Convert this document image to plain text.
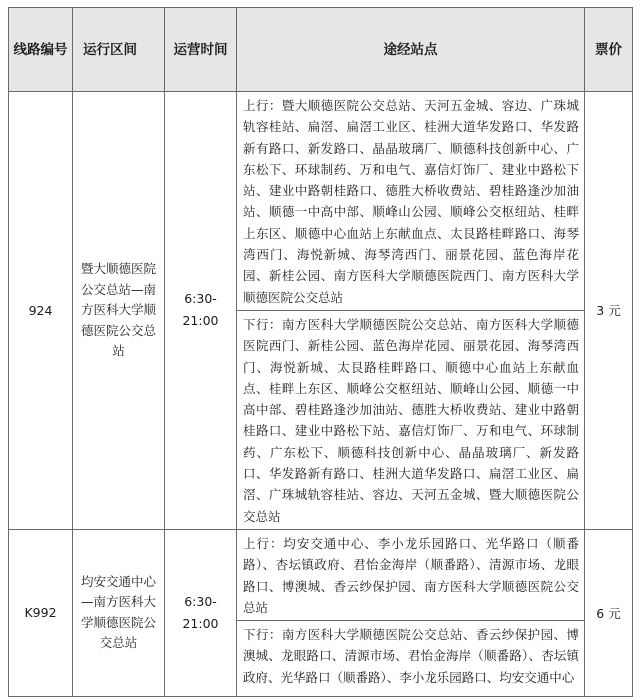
线路编号	运行区间	运营时间	途经站点	票价
924	暨大顺德医院公交总站—南方医科大学顺德医院公交总站	6:30-21:00	上行：暨大顺德医院公交总站、天河五金城、容边、广珠城轨容桂站、扁滘、扁滘工业区、桂洲大道华发路口、华发路新有路口、新发路口、晶晶玻璃厂、顺德科技创新中心、广东松下、环球制药、万和电气、嘉信灯饰厂、建业中路松下站、建业中路朝桂路口、德胜大桥收费站、碧桂路逢沙加油站、顺德一中高中部、顺峰山公园、顺峰公交枢纽站、桂畔上东区、顺德中心血站上东献血点、太艮路桂畔路口、海琴湾西门、海悦新城、海琴湾西门、丽景花园、蓝色海岸花园、新桂公园、南方医科大学顺德医院西门、南方医科大学顺德医院公交总站
下行：南方医科大学顺德医院公交总站、南方医科大学顺德医院西门、新桂公园、蓝色海岸花园、丽景花园、海琴湾西门、海悦新城、太艮路桂畔路口、顺德中心血站上东献血点、桂畔上东区、顺峰公交枢纽站、顺峰山公园、顺德一中高中部、碧桂路逢沙加油站、德胜大桥收费站、建业中路朝桂路口、建业中路松下站、嘉信灯饰厂、万和电气、环球制药、广东松下、顺德科技创新中心、晶晶玻璃厂、新发路口、华发路新有路口、桂洲大道华发路口、扁滘工业区、扁滘、广珠城轨容桂站、容边、天河五金城、暨大顺德医院公交总站	3 元
K992	均安交通中心—南方医科大学顺德医院公交总站	6:30-21:00	上行：均安交通中心、李小龙乐园路口、光华路口（顺番路）、杏坛镇政府、君怡金海岸（顺番路）、清源市场、龙眼路口、博澳城、香云纱保护园、南方医科大学顺德医院公交总站
下行：南方医科大学顺德医院公交总站、香云纱保护园、博澳城、龙眼路口、清源市场、君怡金海岸（顺番路）、杏坛镇政府、光华路口（顺番路）、李小龙乐园路口、均安交通中心	6 元
